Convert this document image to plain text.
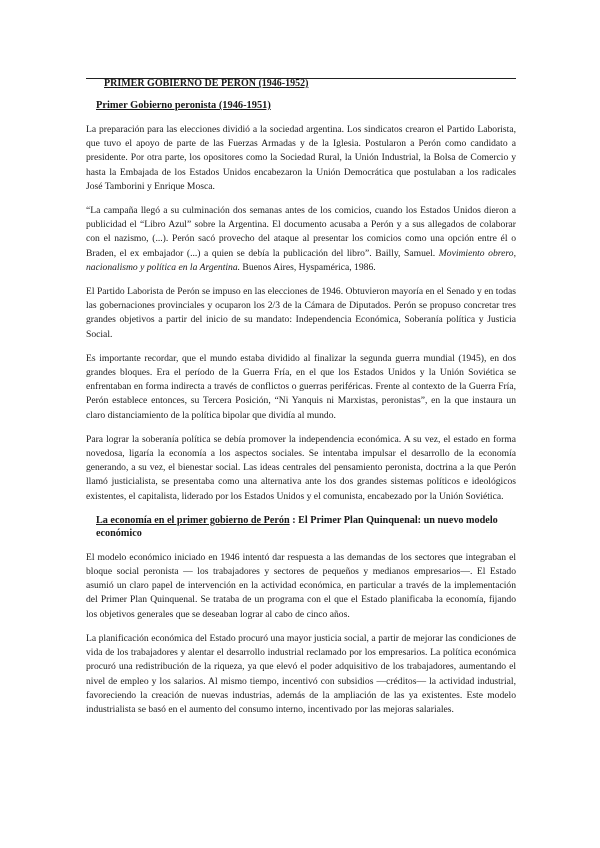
PRIMER GOBIERNO DE PERON (1946-1952)
Primer Gobierno peronista (1946-1951)

La preparación para las elecciones dividió a la sociedad argentina. Los sindicatos crearon el Partido Laborista, que tuvo el apoyo de parte de las Fuerzas Armadas y de la Iglesia. Postularon a Perón como candidato a presidente. Por otra parte, los opositores como la Sociedad Rural, la Unión Industrial, la Bolsa de Comercio y hasta la Embajada de los Estados Unidos encabezaron la Unión Democrática que postulaban a los radicales José Tamborini y Enrique Mosca.

“La campaña llegó a su culminación dos semanas antes de los comicios, cuando los Estados Unidos dieron a publicidad el “Libro Azul” sobre la Argentina. El documento acusaba a Perón y a sus allegados de colaborar con el nazismo, (...). Perón sacó provecho del ataque al presentar los comicios como una opción entre él o Braden, el ex embajador (...) a quien se debía la publicación del libro”. Bailly, Samuel. Movimiento obrero, nacionalismo y política en la Argentina. Buenos Aires, Hyspamérica, 1986.

El Partido Laborista de Perón se impuso en las elecciones de 1946. Obtuvieron mayoría en el Senado y en todas las gobernaciones provinciales y ocuparon los 2/3 de la Cámara de Diputados. Perón se propuso concretar tres grandes objetivos a partir del inicio de su mandato: Independencia Económica, Soberanía política y Justicia Social.

Es importante recordar, que el mundo estaba dividido al finalizar la segunda guerra mundial (1945), en dos grandes bloques. Era el período de la Guerra Fría, en el que los Estados Unidos y la Unión Soviética se enfrentaban en forma indirecta a través de conflictos o guerras periféricas. Frente al contexto de la Guerra Fría, Perón establece entonces, su Tercera Posición, “Ni Yanquis ni Marxistas, peronistas”, en la que instaura un claro distanciamiento de la política bipolar que dividía al mundo.

Para lograr la soberanía política se debía promover la independencia económica. A su vez, el estado en forma novedosa, ligaría la economía a los aspectos sociales. Se intentaba impulsar el desarrollo de la economía generando, a su vez, el bienestar social. Las ideas centrales del pensamiento peronista, doctrina a la que Perón llamó justicialista, se presentaba como una alternativa ante los dos grandes sistemas políticos e ideológicos existentes, el capitalista, liderado por los Estados Unidos y el comunista, encabezado por la Unión Soviética.

La economía en el primer gobierno de Perón : El Primer Plan Quinquenal: un nuevo modelo económico

El modelo económico iniciado en 1946 intentó dar respuesta a las demandas de los sectores que integraban el bloque social peronista — los trabajadores y sectores de pequeños y medianos empresarios—. El Estado asumió un claro papel de intervención en la actividad económica, en particular a través de la implementación del Primer Plan Quinquenal. Se trataba de un programa con el que el Estado planificaba la economía, fijando los objetivos generales que se deseaban lograr al cabo de cinco años.

La planificación económica del Estado procuró una mayor justicia social, a partir de mejorar las condiciones de vida de los trabajadores y alentar el desarrollo industrial reclamado por los empresarios. La política económica procuró una redistribución de la riqueza, ya que elevó el poder adquisitivo de los trabajadores, aumentando el nivel de empleo y los salarios. Al mismo tiempo, incentivó con subsidios —créditos— la actividad industrial, favoreciendo la creación de nuevas industrias, además de la ampliación de las ya existentes. Este modelo industrialista se basó en el aumento del consumo interno, incentivado por las mejoras salariales.
